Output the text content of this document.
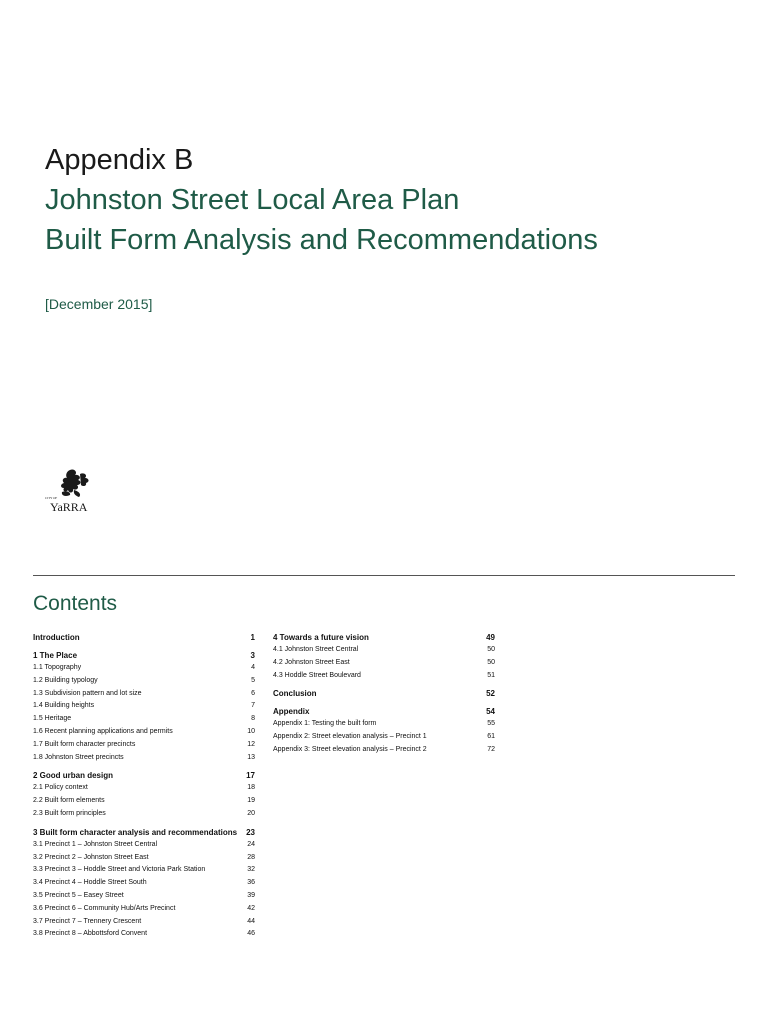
Appendix B
Johnston Street Local Area Plan
Built Form Analysis and Recommendations
[December 2015]
CITY OF
YaRRA
Contents
Introduction	1
1 The Place	3
1.1 Topography	4
1.2 Building typology	5
1.3 Subdivision pattern and lot size	6
1.4 Building heights	7
1.5 Heritage	8
1.6 Recent planning applications and permits	10
1.7 Built form character precincts	12
1.8 Johnston Street precincts	13
2 Good urban design	17
2.1 Policy context	18
2.2 Built form elements	19
2.3 Built form principles	20
3 Built form character analysis and recommendations 23
3.1 Precinct 1 – Johnston Street Central	24
3.2 Precinct 2 – Johnston Street East	28
3.3 Precinct 3 – Hoddle Street and Victoria Park Station	32
3.4 Precinct 4 – Hoddle Street South	36
3.5 Precinct 5 – Easey Street	39
3.6 Precinct 6 – Community Hub/Arts Precinct	42
3.7 Precinct 7 – Trennery Crescent	44
3.8 Precinct 8 – Abbottsford Convent	46
4 Towards a future vision	49
4.1 Johnston Street Central	50
4.2 Johnston Street East	50
4.3 Hoddle Street Boulevard	51
Conclusion	52
Appendix	54
Appendix 1: Testing the built form	55
Appendix 2: Street elevation analysis – Precinct 1	61
Appendix 3: Street elevation analysis – Precinct 2	72
